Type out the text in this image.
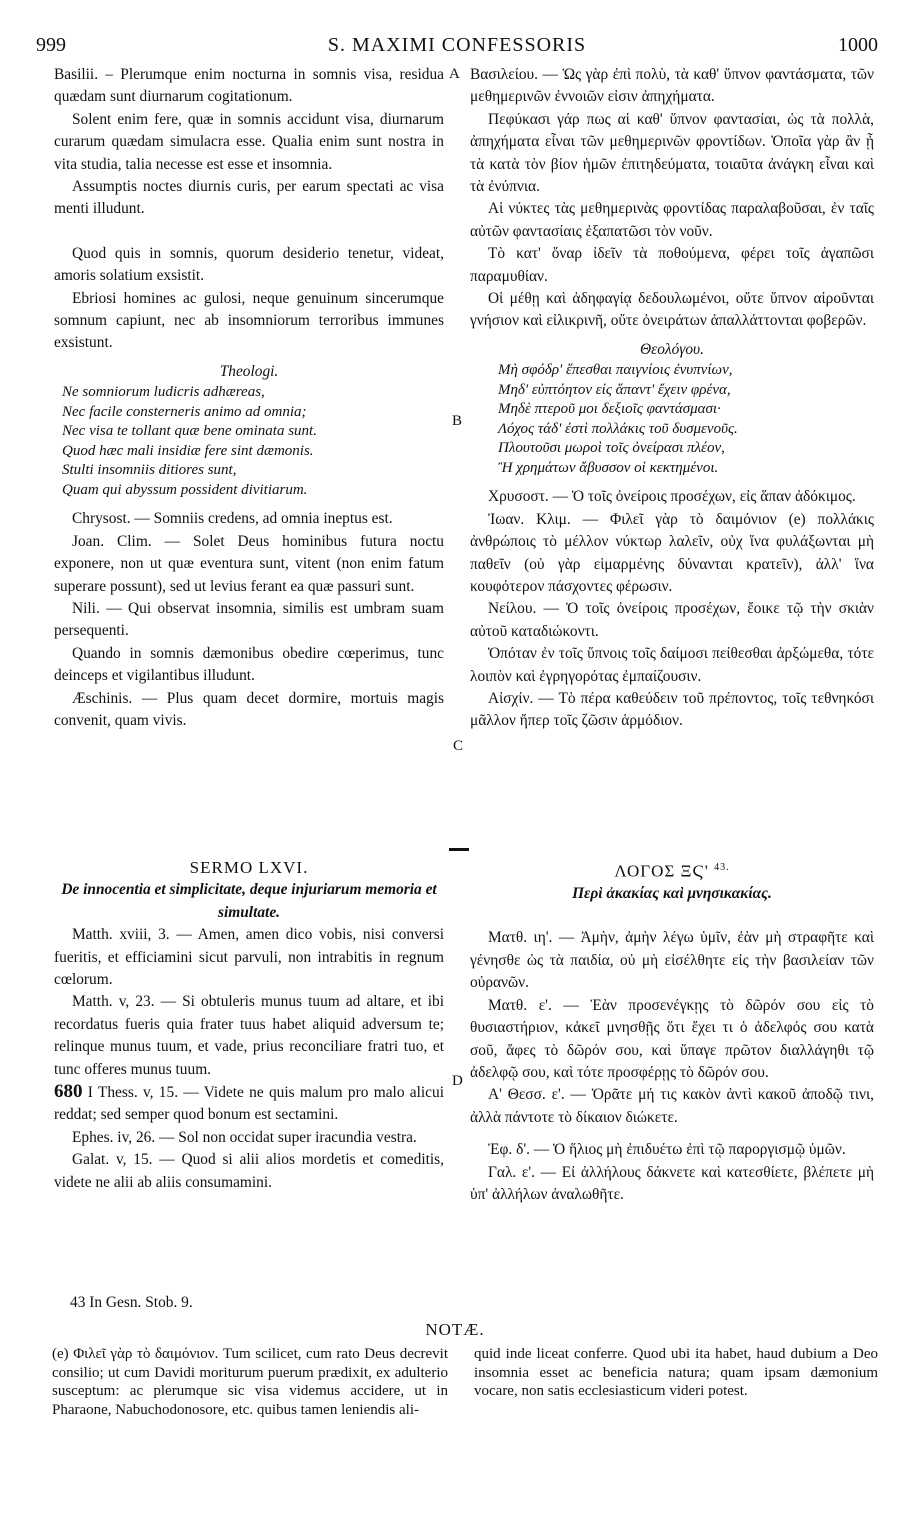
999	S. MAXIMI CONFESSORIS	1000
A
B
C
D

Basilii. – Plerumque enim nocturna in somnis visa, residua quædam sunt diurnarum cogitationum.

Solent enim fere, quæ in somnis accidunt visa, diurnarum curarum quædam simulacra esse. Qualia enim sunt nostra in vita studia, talia necesse est esse et insomnia.

Assumptis noctes diurnis curis, per earum spectati ac visa menti illudunt.

Quod quis in somnis, quorum desiderio tenetur, videat, amoris solatium exsistit.

Ebriosi homines ac gulosi, neque genuinum sincerumque somnum capiunt, nec ab insomniorum terroribus immunes exsistunt.

Theologi.

Ne somniorum ludicris adhæreas,
Nec facile consterneris animo ad omnia;
Nec visa te tollant quæ bene ominata sunt.
Quod hæc mali insidiæ fere sint dæmonis.
Stulti insomniis ditiores sunt,
Quam qui abyssum possident divitiarum.

Chrysost. — Somniis credens, ad omnia ineptus est.

Joan. Clim. — Solet Deus hominibus futura noctu exponere, non ut quæ eventura sunt, vitent (non enim fatum superare possunt), sed ut levius ferant ea quæ passuri sunt.

Nili. — Qui observat insomnia, similis est umbram suam persequenti.

Quando in somnis dæmonibus obedire cœperimus, tunc deinceps et vigilantibus illudunt.

Æschinis. — Plus quam decet dormire, mortuis magis convenit, quam vivis.

SERMO LXVI.

De innocentia et simplicitate, deque injuriarum memoria et simultate.

Matth. xviii, 3. — Amen, amen dico vobis, nisi conversi fueritis, et efficiamini sicut parvuli, non intrabitis in regnum cœlorum.

Matth. v, 23. — Si obtuleris munus tuum ad altare, et ibi recordatus fueris quia frater tuus habet aliquid adversum te; relinque munus tuum, et vade, prius reconciliare fratri tuo, et tunc offeres munus tuum.

680 I Thess. v, 15. — Videte ne quis malum pro malo alicui reddat; sed semper quod bonum est sectamini.

Ephes. iv, 26. — Sol non occidat super iracundia vestra.

Galat. v, 15. — Quod si alii alios mordetis et comeditis, videte ne alii ab aliis consumamini.

Βασιλείου. — Ὡς γὰρ ἐπὶ πολὺ, τὰ καθ' ὕπνον φαντάσματα, τῶν μεθημερινῶν ἐννοιῶν εἰσιν ἀπηχήματα.

Πεφύκασι γάρ πως αἱ καθ' ὕπνον φαντασίαι, ὡς τὰ πολλὰ, ἀπηχήματα εἶναι τῶν μεθημερινῶν φροντίδων. Ὁποῖα γὰρ ἂν ᾖ τὰ κατὰ τὸν βίον ἡμῶν ἐπιτηδεύματα, τοιαῦτα ἀνάγκη εἶναι καὶ τὰ ἐνύπνια.

Αἱ νύκτες τὰς μεθημερινὰς φροντίδας παραλαβοῦσαι, ἐν ταῖς αὐτῶν φαντασίαις ἐξαπατῶσι τὸν νοῦν.

Τὸ κατ' ὄναρ ἰδεῖν τὰ ποθούμενα, φέρει τοῖς ἀγαπῶσι παραμυθίαν.

Οἱ μέθῃ καὶ ἀδηφαγίᾳ δεδουλωμένοι, οὔτε ὕπνον αἱροῦνται γνήσιον καὶ εἰλικρινῆ, οὔτε ὀνειράτων ἀπαλλάττονται φοβερῶν.

Θεολόγου.

Μὴ σφόδρ' ἕπεσθαι παιγνίοις ἐνυπνίων,
Μηδ' εὐπτόητον εἰς ἅπαντ' ἔχειν φρένα,
Μηδὲ πτεροῦ μοι δεξιοῖς φαντάσμασι·
Λόχος τάδ' ἐστὶ πολλάκις τοῦ δυσμενοῦς.
Πλουτοῦσι μωροὶ τοῖς ὀνείρασι πλέον,
Ἢ χρημάτων ἄβυσσον οἱ κεκτημένοι.

Χρυσοστ. — Ὁ τοῖς ὀνείροις προσέχων, εἰς ἅπαν ἀδόκιμος.

Ἰωαν. Κλιμ. — Φιλεῖ γὰρ τὸ δαιμόνιον (e) πολλάκις ἀνθρώποις τὸ μέλλον νύκτωρ λαλεῖν, οὐχ ἵνα φυλάξωνται μὴ παθεῖν (οὐ γὰρ εἱμαρμένης δύνανται κρατεῖν), ἀλλ' ἵνα κουφότερον πάσχοντες φέρωσιν.

Νείλου. — Ὁ τοῖς ὀνείροις προσέχων, ἔοικε τῷ τὴν σκιὰν αὐτοῦ καταδιώκοντι.

Ὁπόταν ἐν τοῖς ὕπνοις τοῖς δαίμοσι πείθεσθαι ἀρξώμεθα, τότε λοιπὸν καὶ ἐγρηγορότας ἐμπαίζουσιν.

Αἰσχίν. — Τὸ πέρα καθεύδειν τοῦ πρέποντος, τοῖς τεθνηκόσι μᾶλλον ἤπερ τοῖς ζῶσιν ἁρμόδιον.

ΛΟΓΟΣ ΞϚ' $^{43.}$

Περὶ ἀκακίας καὶ μνησικακίας.

Ματθ. ιη'. — Ἀμὴν, ἀμὴν λέγω ὑμῖν, ἐὰν μὴ στραφῆτε καὶ γένησθε ὡς τὰ παιδία, οὐ μὴ εἰσέλθητε εἰς τὴν βασιλείαν τῶν οὐρανῶν.

Ματθ. ε'. — Ἐὰν προσενέγκῃς τὸ δῶρόν σου εἰς τὸ θυσιαστήριον, κἀκεῖ μνησθῇς ὅτι ἔχει τι ὁ ἀδελφός σου κατὰ σοῦ, ἄφες τὸ δῶρόν σου, καὶ ὕπαγε πρῶτον διαλλάγηθι τῷ ἀδελφῷ σου, καὶ τότε προσφέρῃς τὸ δῶρόν σου.

Α' Θεσσ. ε'. — Ὁρᾶτε μή τις κακὸν ἀντὶ κακοῦ ἀποδῷ τινι, ἀλλὰ πάντοτε τὸ δίκαιον διώκετε.

Ἐφ. δ'. — Ὁ ἥλιος μὴ ἐπιδυέτω ἐπὶ τῷ παροργισμῷ ὑμῶν.

Γαλ. ε'. — Εἰ ἀλλήλους δάκνετε καὶ κατεσθίετε, βλέπετε μὴ ὑπ' ἀλλήλων ἀναλωθῆτε.

43 In Gesn. Stob. 9.
NOTÆ.

(e) Φιλεῖ γὰρ τὸ δαιμόνιον. Tum scilicet, cum rato Deus decrevit consilio; ut cum Davidi moriturum puerum prædixit, ex adulterio susceptum: ac plerumque sic visa videmus accidere, ut in Pharaone, Nabuchodonosore, etc. quibus tamen leniendis ali-

quid inde liceat conferre. Quod ubi ita habet, haud dubium a Deo insomnia esset ac beneficia natura; quam ipsam dæmonium vocare, non satis ecclesiasticum videri potest.
